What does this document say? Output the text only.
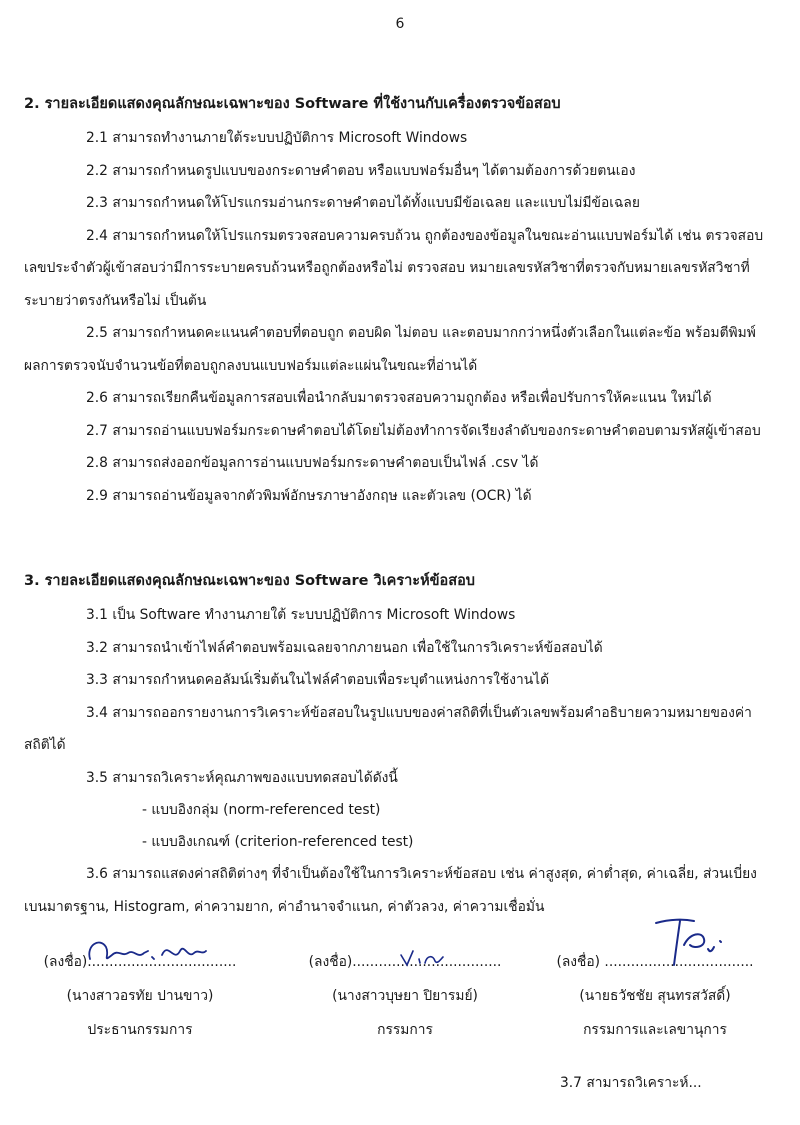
6

2. รายละเอียดแสดงคุณลักษณะเฉพาะของ Software ที่ใช้งานกับเครื่องตรวจข้อสอบ

2.1 สามารถทำงานภายใต้ระบบปฏิบัติการ Microsoft Windows

2.2 สามารถกำหนดรูปแบบของกระดาษคำตอบ หรือแบบฟอร์มอื่นๆ ได้ตามต้องการด้วยตนเอง

2.3 สามารถกำหนดให้โปรแกรมอ่านกระดาษคำตอบได้ทั้งแบบมีข้อเฉลย และแบบไม่มีข้อเฉลย

2.4 สามารถกำหนดให้โปรแกรมตรวจสอบความครบถ้วน ถูกต้องของข้อมูลในขณะอ่านแบบฟอร์มได้ เช่น ตรวจสอบเลขประจำตัวผู้เข้าสอบว่ามีการระบายครบถ้วนหรือถูกต้องหรือไม่ ตรวจสอบ หมายเลขรหัสวิชาที่ตรวจกับหมายเลขรหัสวิชาที่ระบายว่าตรงกันหรือไม่ เป็นต้น

2.5 สามารถกำหนดคะแนนคำตอบที่ตอบถูก ตอบผิด ไม่ตอบ และตอบมากกว่าหนึ่งตัวเลือกในแต่ละข้อ พร้อมตีพิมพ์ผลการตรวจนับจำนวนข้อที่ตอบถูกลงบนแบบฟอร์มแต่ละแผ่นในขณะที่อ่านได้

2.6 สามารถเรียกคืนข้อมูลการสอบเพื่อนำกลับมาตรวจสอบความถูกต้อง หรือเพื่อปรับการให้คะแนน ใหม่ได้

2.7 สามารถอ่านแบบฟอร์มกระดาษคำตอบได้โดยไม่ต้องทำการจัดเรียงลำดับของกระดาษคำตอบตามรหัสผู้เข้าสอบ

2.8 สามารถส่งออกข้อมูลการอ่านแบบฟอร์มกระดาษคำตอบเป็นไฟล์ .csv ได้

2.9 สามารถอ่านข้อมูลจากตัวพิมพ์อักษรภาษาอังกฤษ และตัวเลข (OCR) ได้

3. รายละเอียดแสดงคุณลักษณะเฉพาะของ Software วิเคราะห์ข้อสอบ

3.1 เป็น Software ทำงานภายใต้ ระบบปฏิบัติการ Microsoft Windows

3.2 สามารถนำเข้าไฟล์คำตอบพร้อมเฉลยจากภายนอก เพื่อใช้ในการวิเคราะห์ข้อสอบได้

3.3 สามารถกำหนดคอลัมน์เริ่มต้นในไฟล์คำตอบเพื่อระบุตำแหน่งการใช้งานได้

3.4 สามารถออกรายงานการวิเคราะห์ข้อสอบในรูปแบบของค่าสถิติที่เป็นตัวเลขพร้อมคำอธิบายความหมายของค่าสถิติได้

3.5 สามารถวิเคราะห์คุณภาพของแบบทดสอบได้ดังนี้

- แบบอิงกลุ่ม (norm-referenced test)

- แบบอิงเกณฑ์ (criterion-referenced test)

3.6 สามารถแสดงค่าสถิติต่างๆ ที่จำเป็นต้องใช้ในการวิเคราะห์ข้อสอบ เช่น ค่าสูงสุด, ค่าต่ำสุด, ค่าเฉลี่ย, ส่วนเบี่ยงเบนมาตรฐาน, Histogram, ค่าความยาก, ค่าอำนาจจำแนก, ค่าตัวลวง, ค่าความเชื่อมั่น

(ลงชื่อ)..................................
(นางสาวอรทัย ปานขาว)
ประธานกรรมการ
(ลงชื่อ)..................................
(นางสาวบุษยา ปิยารมย์)
กรรมการ
(ลงชื่อ) ..................................
(นายธวัชชัย สุนทรสวัสดิ์)
กรรมการและเลขานุการ
3.7 สามารถวิเคราะห์...
